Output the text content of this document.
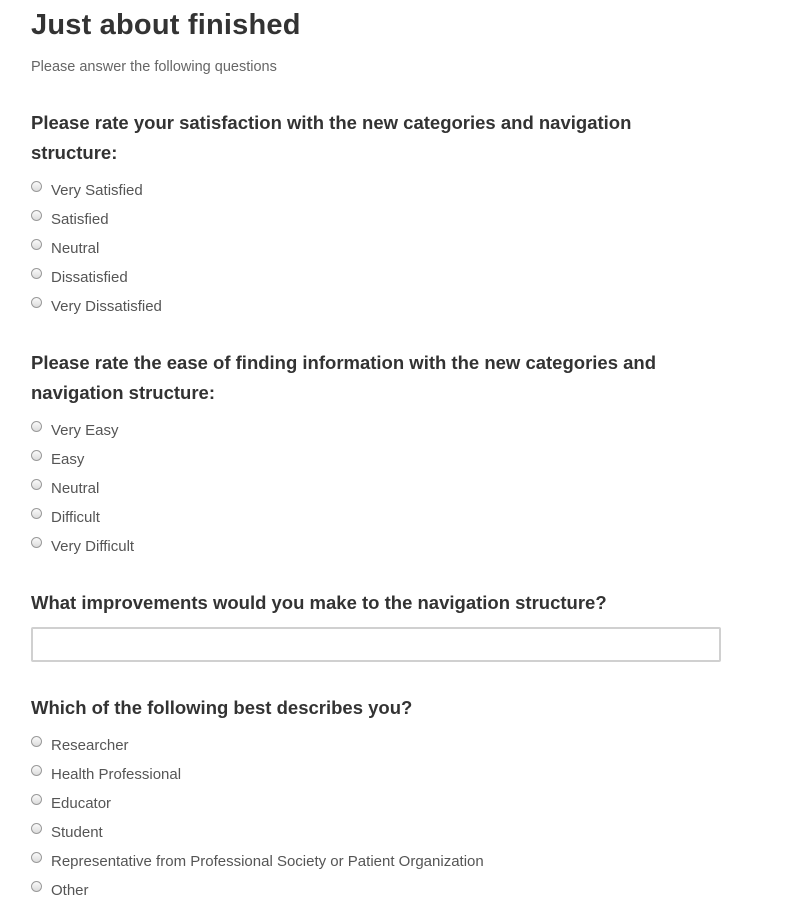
Just about finished

Please answer the following questions

Please rate your satisfaction with the new categories and navigation structure:

Very Satisfied
Satisfied
Neutral
Dissatisfied
Very Dissatisfied

Please rate the ease of finding information with the new categories and navigation structure:

Very Easy
Easy
Neutral
Difficult
Very Difficult

What improvements would you make to the navigation structure?

Which of the following best describes you?

Researcher
Health Professional
Educator
Student
Representative from Professional Society or Patient Organization
Other
